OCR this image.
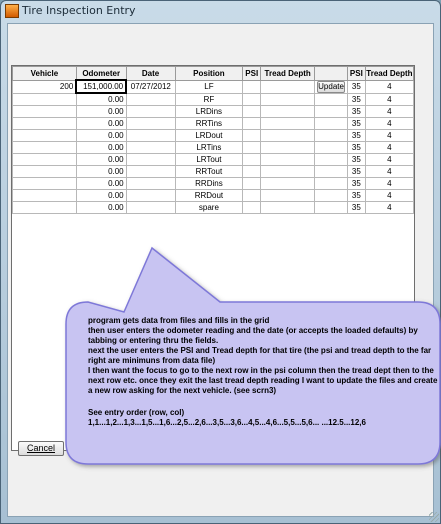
Tire Inspection Entry
Vehicle	Odometer	Date	Position	PSI	Tread Depth		PSI	Tread Depth
200	151,000.00	07/27/2012	LF			Update	35	4
	0.00		RF				35	4
	0.00		LRDins				35	4
	0.00		RRTins				35	4
	0.00		LRDout				35	4
	0.00		LRTins				35	4
	0.00		LRTout				35	4
	0.00		RRTout				35	4
	0.00		RRDins				35	4
	0.00		RRDout				35	4
	0.00		spare				35	4

program gets data from files and fills in the grid

then user enters the odometer reading and the date (or accepts the loaded defaults) by tabbing or entering thru the fields.

next the user enters the PSI and Tread depth for that tire (the psi and tread depth to the far right are minimuns from data file)

I then want the focus to go to the next row in the psi column then the tread dept then to the next row etc. once they exit the last tread depth reading I want to update the files and create a new row asking for the next vehicle. (see scrn3)

See entry order (row, col)

1,1...1,2...1,3...1,5...1,6...2,5...2,6...3,5...3,6...4,5...4,6...5,5...5,6... ...12.5...12,6

Cancel
